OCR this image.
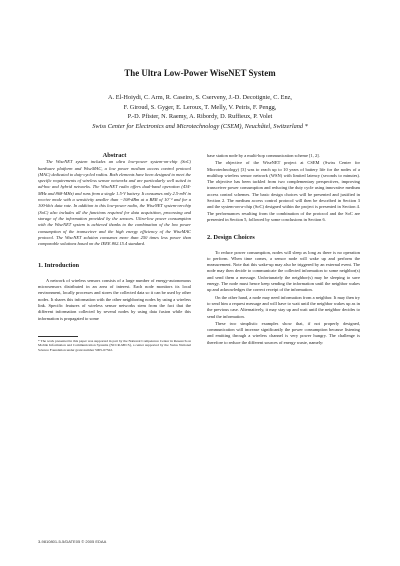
The Ultra Low-Power WiseNET System
A. El-Hoiydi, C. Arm, R. Caseiro, S. Cserveny, J.-D. Decotignie, C. Enz,
F. Giroud, S. Gyger, E. Leroux, T. Melly, V. Peiris, F. Pengg,
P.-D. Pfister, N. Raemy, A. Ribordy, D. Ruffieux, P. Volet
Swiss Center for Electronics and Microtechnology (CSEM), Neuchâtel, Switzerland *

Abstract

The WiseNET system includes an ultra low-power system-on-chip (SoC) hardware platform and WiseMAC, a low power medium access control protocol (MAC) dedicated to duty-cycled radios. Both elements have been designed to meet the specific requirements of wireless sensor networks and are particularly well suited to ad-hoc and hybrid networks. The WiseNET radio offers dual-band operation (434-MHz and 868-MHz) and runs from a single 1.5-V battery. It consumes only 2.5-mW in receive mode with a sensitivity smaller than −108-dBm at a BER of 10⁻³ and for a 100-kb/s data rate. In addition to this low-power radio, the WiseNET system-on-chip (SoC) also includes all the functions required for data acquisition, processing and storage of the information provided by the sensors. Ultra-low power consumption with the WiseNET system is achieved thanks to the combination of the low power consumption of the transceiver and the high energy efficiency of the WiseMAC protocol. The WiseNET solution consumes more than 250 times less power than comparable solutions based on the IEEE 802.15.4 standard.

1. Introduction

A network of wireless sensors consists of a large number of energy-autonomous microsensors distributed in an area of interest. Each node monitors its local environment, locally processes and stores the collected data so it can be used by other nodes. It shares this information with the other neighboring nodes by using a wireless link. Specific features of wireless sensor networks stem from the fact that the different information collected by several nodes by using data fusion while this information is propagated to some

* The work presented in this paper was supported in part by the National Competence Center in Research on Mobile Information and Communication Systems (NCCR-MICS), a center supported by the Swiss National Science Foundation under grant number 5005-67322.

base station node by a multi-hop communication scheme [1, 2].

The objective of the WiseNET project at CSEM (Swiss Center for Microtechnology) [3] was to reach up to 10 years of battery life for the nodes of a multihop wireless sensor network (WSN) with limited latency (seconds to minutes). The objective has been tackled from two complementary perspectives, improving transceiver power consumption and reducing the duty cycle using innovative medium access control schemes. The basic design choices will be presented and justified in Section 2. The medium access control protocol will then be described in Section 3 and the system-on-a-chip (SoC) designed within the project is presented in Section 4. The performances resulting from the combination of the protocol and the SoC are presented in Section 5, followed by some conclusions in Section 6.

2. Design Choices

To reduce power consumption, nodes will sleep as long as there is no operation to perform. When time comes, a sensor node will wake up and perform the measurement. Note that this wake-up may also be triggered by an external event. The node may then decide to communicate the collected information to some neighbor(s) and send them a message. Unfortunately the neighbor(s) may be sleeping to save energy. The node must hence keep sending the information until the neighbor wakes up and acknowledges the correct receipt of the information.

On the other hand, a node may need information from a neighbor. It may then try to send him a request message and will have to wait until the neighbor wakes up as in the previous case. Alternatively, it may stay up and wait until the neighbor decides to send the information.

These two simplistic examples show that, if not properly designed, communication will increase significantly the power consumption because listening and emitting through a wireless channel is very power hungry. The challenge is therefore to reduce the different sources of energy waste, namely:

3-9810801-5-5/DATE05 © 2005 EDAA
